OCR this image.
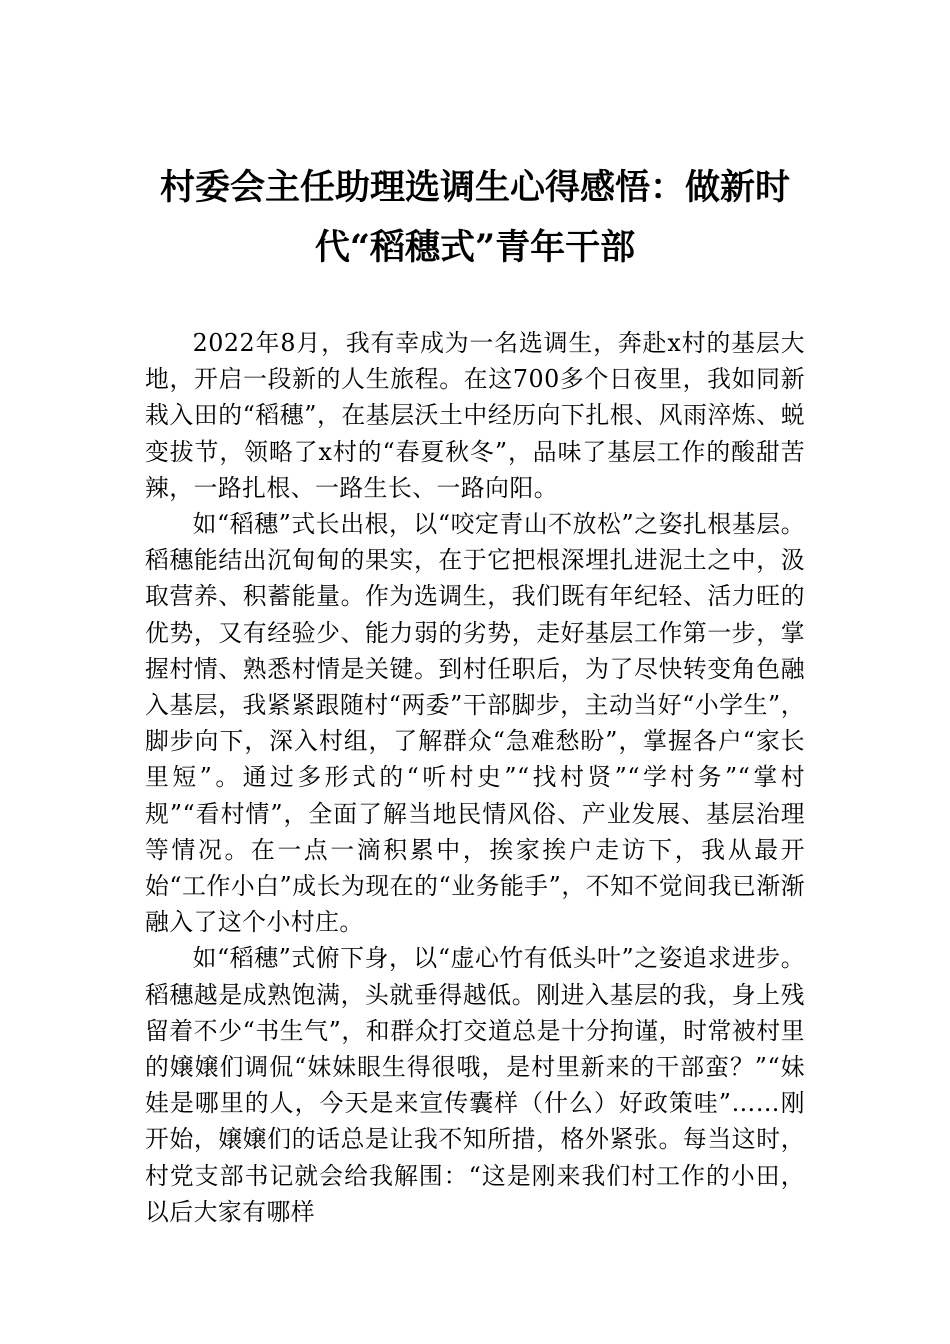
村委会主任助理选调生心得感悟：做新时
代“稻穗式”青年干部

2022年8月，我有幸成为一名选调生，奔赴x村的基层大地，开启一段新的人生旅程。在这700多个日夜里，我如同新栽入田的“稻穗”，在基层沃土中经历向下扎根、风雨淬炼、蜕变拔节，领略了x村的“春夏秋冬”，品味了基层工作的酸甜苦辣，一路扎根、一路生长、一路向阳。

如“稻穗”式长出根，以“咬定青山不放松”之姿扎根基层。稻穗能结出沉甸甸的果实，在于它把根深埋扎进泥土之中，汲取营养、积蓄能量。作为选调生，我们既有年纪轻、活力旺的优势，又有经验少、能力弱的劣势，走好基层工作第一步，掌握村情、熟悉村情是关键。到村任职后，为了尽快转变角色融入基层，我紧紧跟随村“两委”干部脚步，主动当好“小学生”，脚步向下，深入村组，了解群众“急难愁盼”，掌握各户“家长里短”。通过多形式的“听村史”“找村贤”“学村务”“掌村规”“看村情”，全面了解当地民情风俗、产业发展、基层治理等情况。在一点一滴积累中，挨家挨户走访下，我从最开始“工作小白”成长为现在的“业务能手”，不知不觉间我已渐渐融入了这个小村庄。

如“稻穗”式俯下身，以“虚心竹有低头叶”之姿追求进步。稻穗越是成熟饱满，头就垂得越低。刚进入基层的我，身上残留着不少“书生气”，和群众打交道总是十分拘谨，时常被村里的嬢嬢们调侃“妹妹眼生得很哦，是村里新来的干部蛮？”“妹娃是哪里的人，今天是来宣传囊样（什么）好政策哇”……刚开始，嬢嬢们的话总是让我不知所措，格外紧张。每当这时，村党支部书记就会给我解围：“这是刚来我们村工作的小田，以后大家有哪样
